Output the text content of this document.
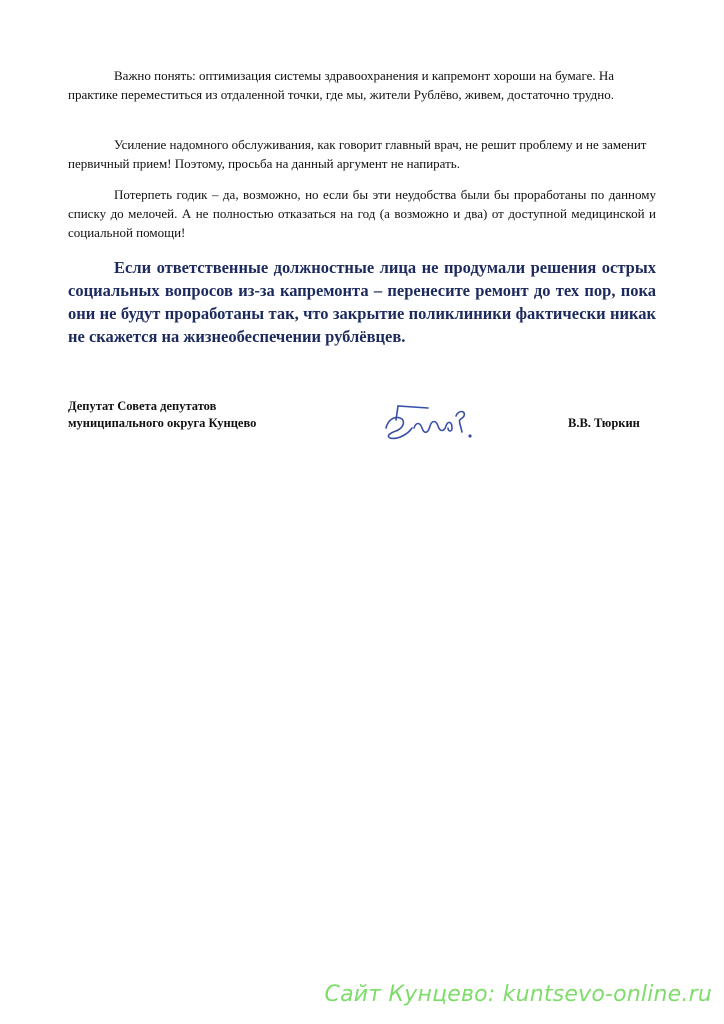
Важно понять: оптимизация системы здравоохранения и капремонт хороши на бумаге. На практике переместиться из отдаленной точки, где мы, жители Рублёво, живем, достаточно трудно.

Усиление надомного обслуживания, как говорит главный врач, не решит проблему и не заменит первичный прием! Поэтому, просьба на данный аргумент не напирать.

Потерпеть годик – да, возможно, но если бы эти неудобства были бы проработаны по данному списку до мелочей. А не полностью отказаться на год (а возможно и два) от доступной медицинской и социальной помощи!

Если ответственные должностные лица не продумали решения острых социальных вопросов из-за капремонта – перенесите ремонт до тех пор, пока они не будут проработаны так, что закрытие поликлиники фактически никак не скажется на жизнеобеспечении рублёвцев.

Депутат Совета депутатов
муниципального округа Кунцево	В.В. Тюркин
Сайт Кунцево: kuntsevo-online.ru
